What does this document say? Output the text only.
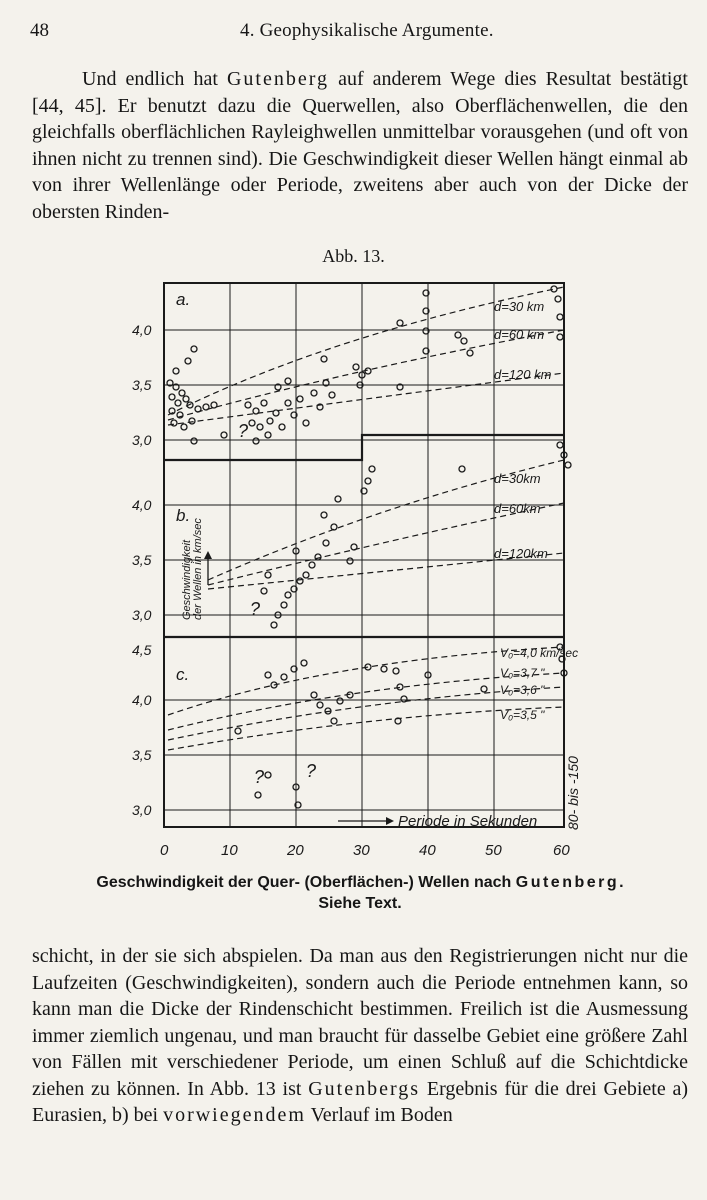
48	4. Geophysikalische Argumente.

Und endlich hat Gutenberg auf anderem Wege dies Resultat bestätigt [44, 45]. Er benutzt dazu die Querwellen, also Oberflächenwellen, die den gleichfalls oberflächlichen Rayleighwellen unmittelbar vorausgehen (und oft von ihnen nicht zu trennen sind). Die Geschwindigkeit dieser Wellen hängt einmal ab von ihrer Wellenlänge oder Periode, zweitens aber auch von der Dicke der obersten Rinden-

Abb. 13.
4,0
3,5
3,0
4,0
3,5
3,0
4,5
4,0
3,5
3,0
0	10	20	30	40	50	60
Periode in Sekunden 80- bis -150
Geschwindigkeit der Wellen in km/sec
a.
b.
c.
d=30 km
d=60 km
d=120 km
d=30km
d=60km
d=120km
V₀=4,0 km/sec
V₀=3,7 "
V₀=3,6 "
V₀=3,5 "
?
?
? ?
Geschwindigkeit der Quer- (Oberflächen-) Wellen nach Gutenberg.
Siehe Text.

schicht, in der sie sich abspielen. Da man aus den Registrierungen nicht nur die Laufzeiten (Geschwindigkeiten), sondern auch die Periode entnehmen kann, so kann man die Dicke der Rindenschicht bestimmen. Freilich ist die Ausmessung immer ziemlich ungenau, und man braucht für dasselbe Gebiet eine größere Zahl von Fällen mit verschiedener Periode, um einen Schluß auf die Schichtdicke ziehen zu können. In Abb. 13 ist Gutenbergs Ergebnis für die drei Gebiete a) Eurasien, b) bei vorwiegendem Verlauf im Boden
